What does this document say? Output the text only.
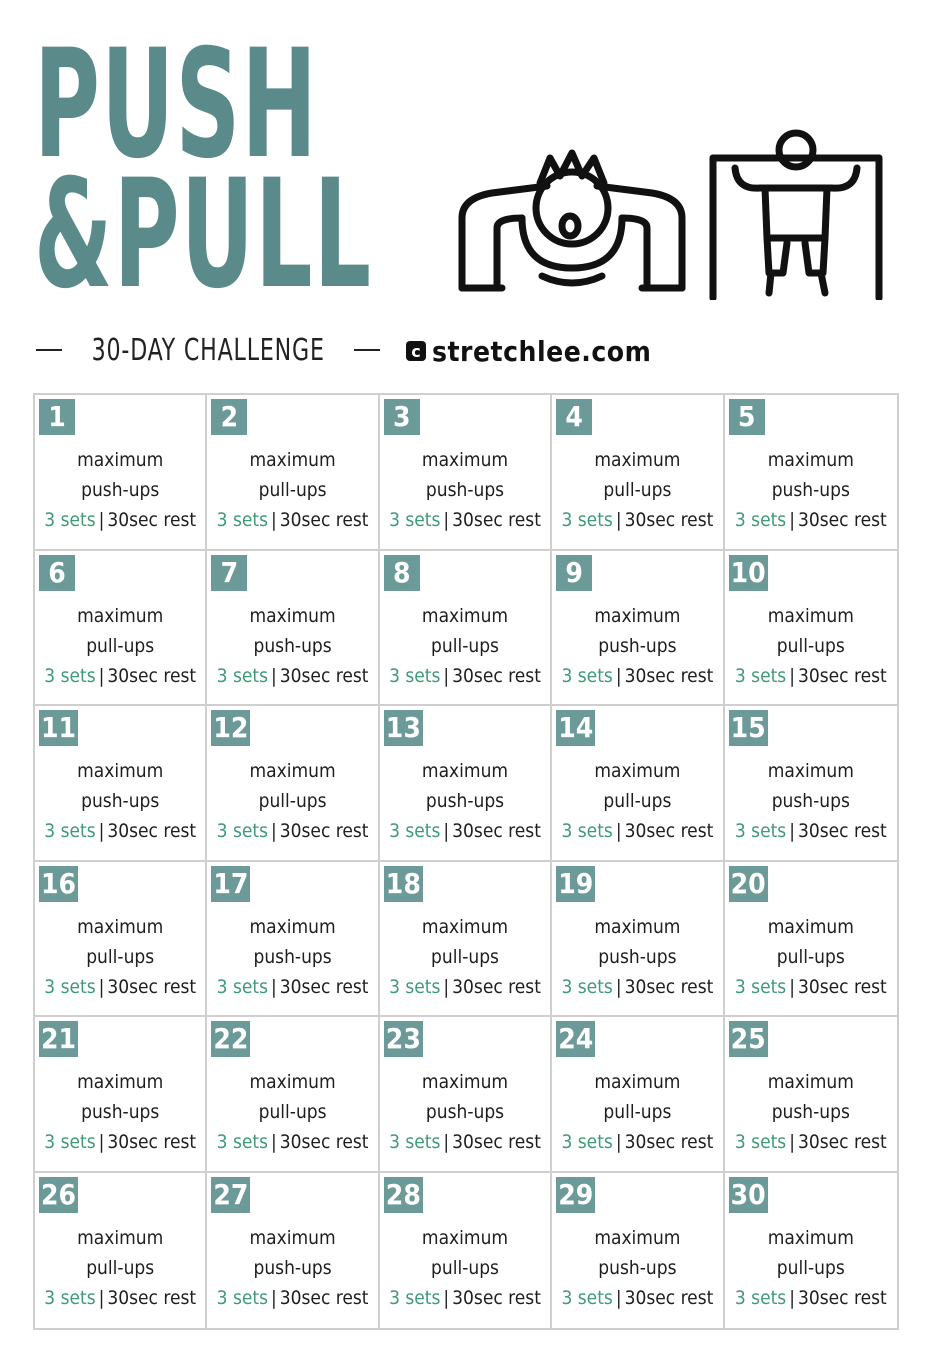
PUSH
&PULL
30-DAY CHALLENGE	c stretchlee.com
1
maximum
push-ups
3 sets | 30sec rest
2
maximum
pull-ups
3 sets | 30sec rest
3
maximum
push-ups
3 sets | 30sec rest
4
maximum
pull-ups
3 sets | 30sec rest
5
maximum
push-ups
3 sets | 30sec rest
6
maximum
pull-ups
3 sets | 30sec rest
7
maximum
push-ups
3 sets | 30sec rest
8
maximum
pull-ups
3 sets | 30sec rest
9
maximum
push-ups
3 sets | 30sec rest
10
maximum
pull-ups
3 sets | 30sec rest
11
maximum
push-ups
3 sets | 30sec rest
12
maximum
pull-ups
3 sets | 30sec rest
13
maximum
push-ups
3 sets | 30sec rest
14
maximum
pull-ups
3 sets | 30sec rest
15
maximum
push-ups
3 sets | 30sec rest
16
maximum
pull-ups
3 sets | 30sec rest
17
maximum
push-ups
3 sets | 30sec rest
18
maximum
pull-ups
3 sets | 30sec rest
19
maximum
push-ups
3 sets | 30sec rest
20
maximum
pull-ups
3 sets | 30sec rest
21
maximum
push-ups
3 sets | 30sec rest
22
maximum
pull-ups
3 sets | 30sec rest
23
maximum
push-ups
3 sets | 30sec rest
24
maximum
pull-ups
3 sets | 30sec rest
25
maximum
push-ups
3 sets | 30sec rest
26
maximum
pull-ups
3 sets | 30sec rest
27
maximum
push-ups
3 sets | 30sec rest
28
maximum
pull-ups
3 sets | 30sec rest
29
maximum
push-ups
3 sets | 30sec rest
30
maximum
pull-ups
3 sets | 30sec rest
